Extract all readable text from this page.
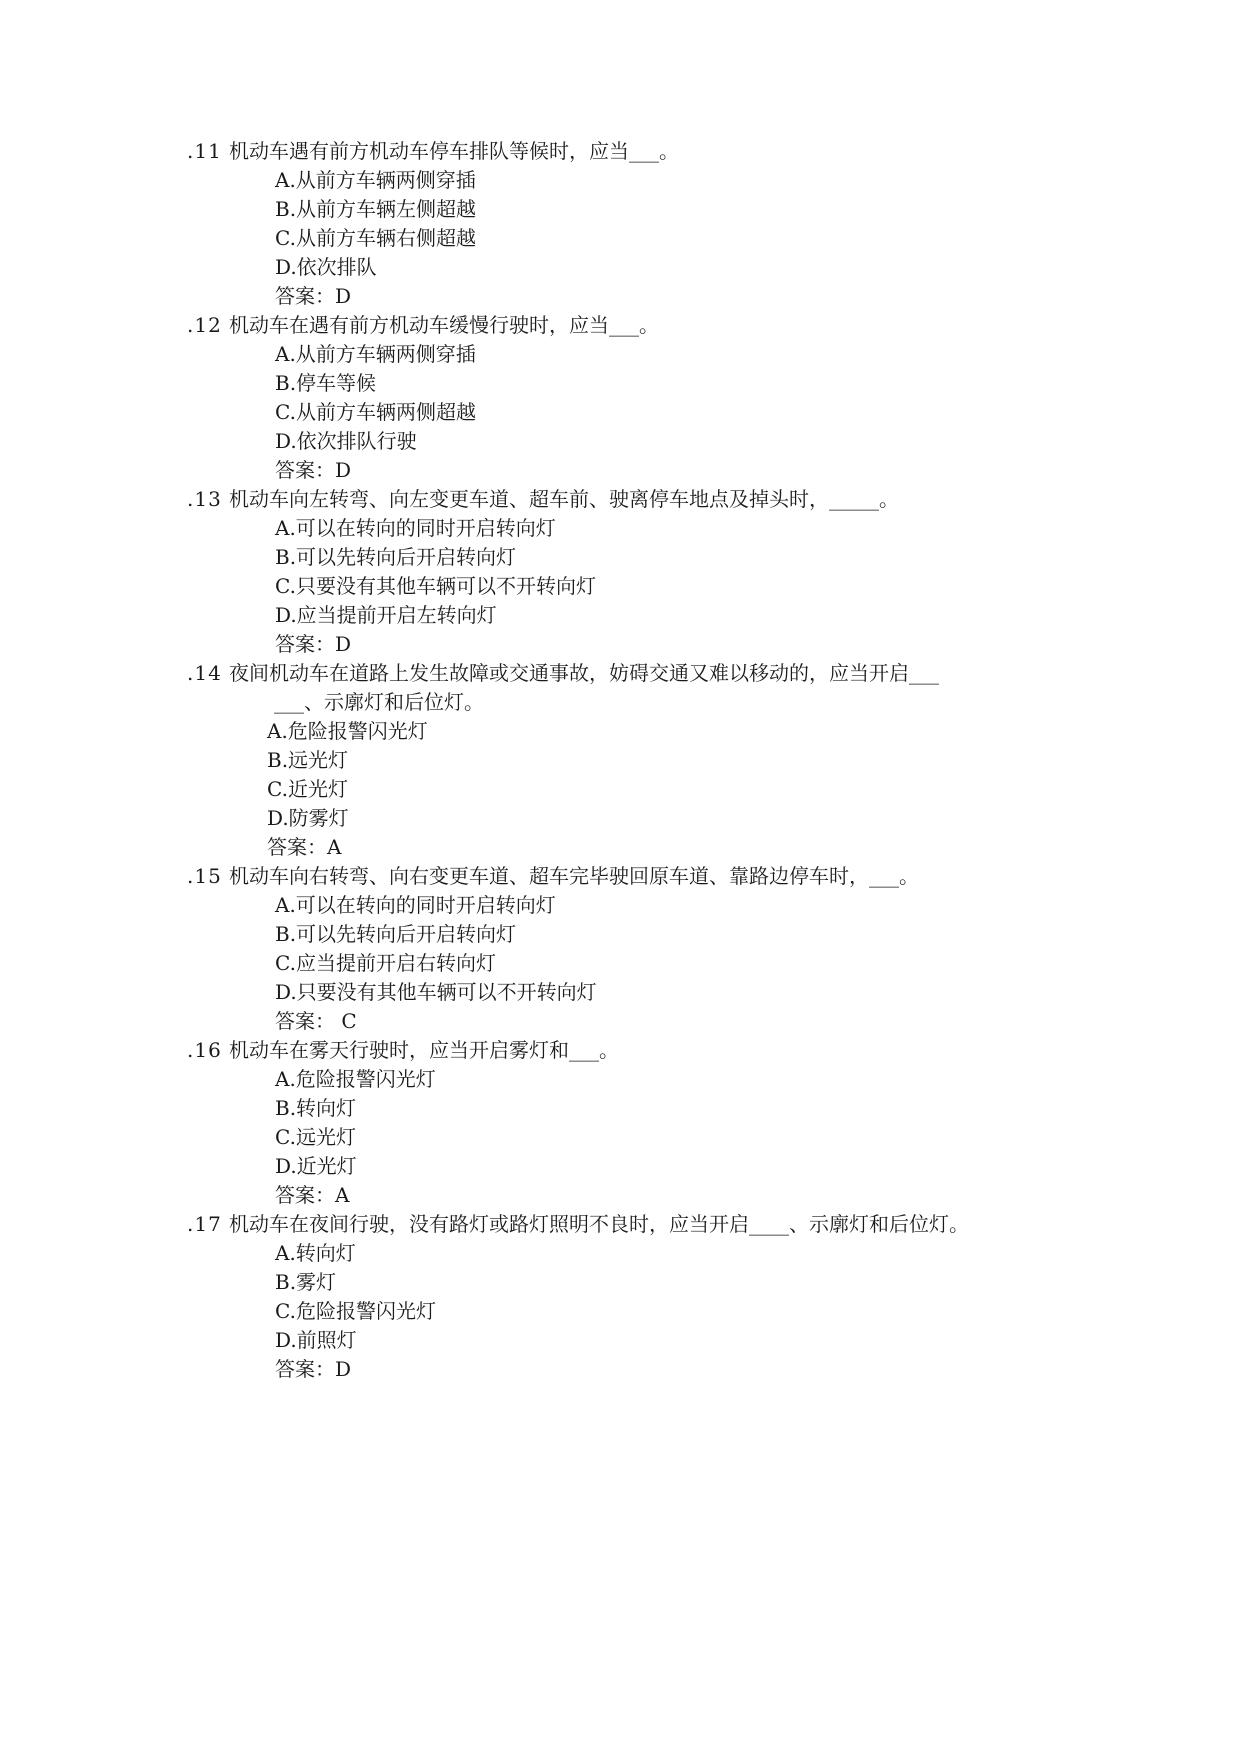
.11 机动车遇有前方机动车停车排队等候时，应当___。
A.从前方车辆两侧穿插
B.从前方车辆左侧超越
C.从前方车辆右侧超越
D.依次排队
答案：D
.12 机动车在遇有前方机动车缓慢行驶时，应当___。
A.从前方车辆两侧穿插
B.停车等候
C.从前方车辆两侧超越
D.依次排队行驶
答案：D
.13 机动车向左转弯、向左变更车道、超车前、驶离停车地点及掉头时，_____。
A.可以在转向的同时开启转向灯
B.可以先转向后开启转向灯
C.只要没有其他车辆可以不开转向灯
D.应当提前开启左转向灯
答案：D
.14 夜间机动车在道路上发生故障或交通事故，妨碍交通又难以移动的，应当开启___
___、示廓灯和后位灯。
A.危险报警闪光灯
B.远光灯
C.近光灯
D.防雾灯
答案：A
.15 机动车向右转弯、向右变更车道、超车完毕驶回原车道、靠路边停车时，___。
A.可以在转向的同时开启转向灯
B.可以先转向后开启转向灯
C.应当提前开启右转向灯
D.只要没有其他车辆可以不开转向灯
答案： C
.16 机动车在雾天行驶时，应当开启雾灯和___。
A.危险报警闪光灯
B.转向灯
C.远光灯
D.近光灯
答案：A
.17 机动车在夜间行驶，没有路灯或路灯照明不良时，应当开启____、示廓灯和后位灯。
A.转向灯
B.雾灯
C.危险报警闪光灯
D.前照灯
答案：D
